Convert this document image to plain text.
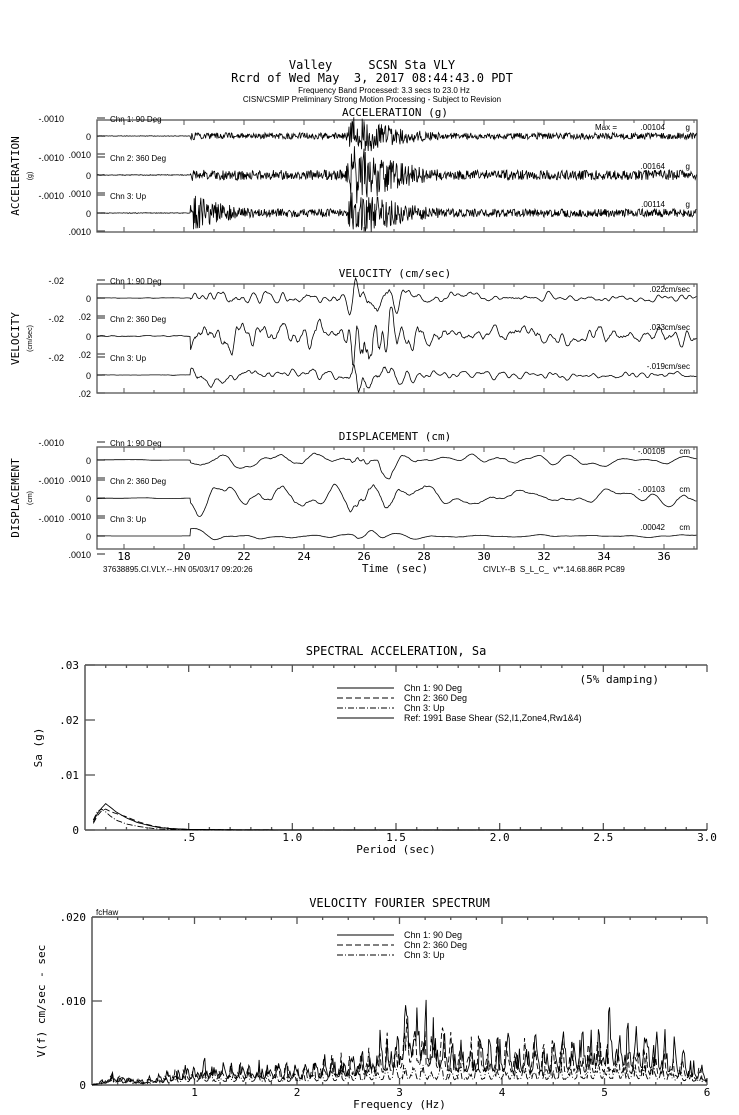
Valley     SCSN Sta VLY
Rcrd of Wed May  3, 2017 08:44:43.0 PDT
Frequency Band Processed: 3.3 secs to 23.0 Hz
CISN/CSMIP Preliminary Strong Motion Processing - Subject to Revision
37638895.CI.VLY.--.HN 05/03/17 09:20:26	CIVLY--B  S_L_C_  v**.14.68.86R PC89
ACCELERATION (g)
ACCELERATION (g)
.0010
0
-.0010	Chn 1: 90 Deg
.00104	g
Max =
.0010
0
-.0010	Chn 2: 360 Deg
.00164	g
.0010
0
-.0010	Chn 3: Up
.00114	g
VELOCITY (cm/sec)
VELOCITY (cm/sec)
.02
0
-.02	Chn 1: 90 Deg
.022 cm/sec
.02
0
-.02	Chn 2: 360 Deg
.033 cm/sec
.02
0
-.02	Chn 3: Up
-.019 cm/sec
DISPLACEMENT (cm)
DISPLACEMENT (cm)
.0010
0
-.0010	Chn 1: 90 Deg
-.00105 cm
.0010
0
-.0010	Chn 2: 360 Deg
-.00103 cm
.0010
0
-.0010	Chn 3: Up
.00042 cm
18	20	22	24	26	28	30	32	34	36
Time (sec)
SPECTRAL ACCELERATION, Sa
.5	1.0	1.5	2.0	2.5	3.0
0
.01
.02
.03
Period (sec)
Sa (g)
Chn 1: 90 Deg
Chn 2: 360 Deg
Chn 3: Up
Ref: 1991 Base Shear (S2,I1,Zone4,Rw1&4)
(5% damping)
VELOCITY FOURIER SPECTRUM
1	2	3	4	5	6
0
.010
.020
Frequency (Hz)
V(f) cm/sec - sec
Chn 1: 90 Deg
Chn 2: 360 Deg
Chn 3: Up
fcHaw
